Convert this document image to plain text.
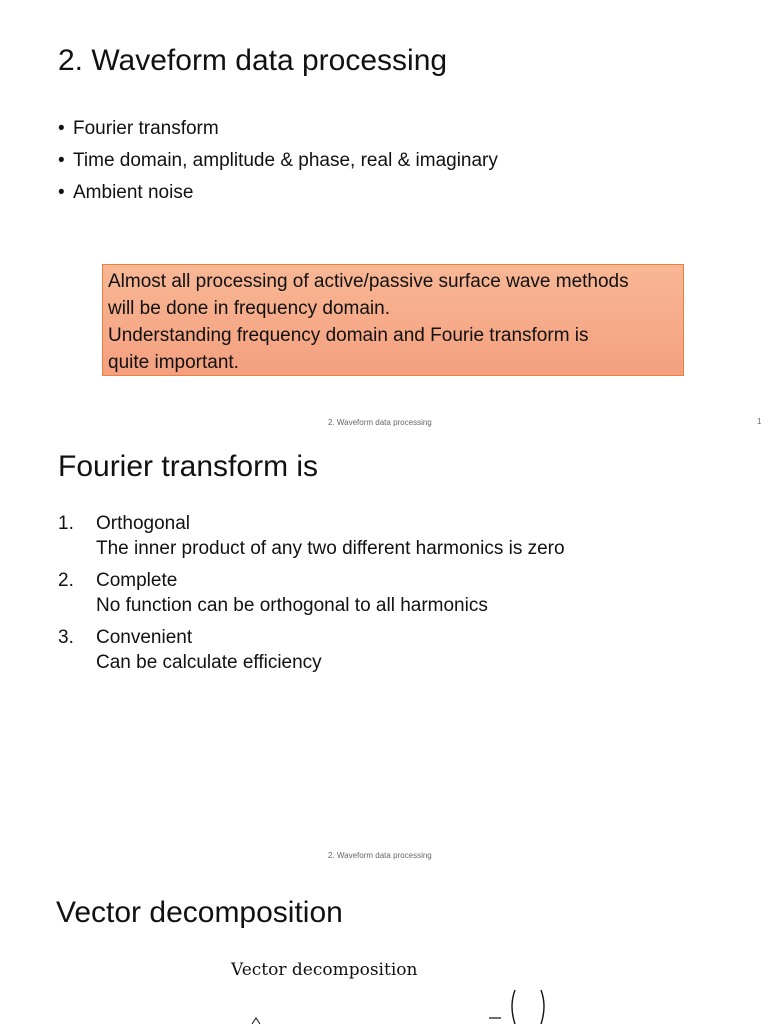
2. Waveform data processing
• Fourier transform
• Time domain, amplitude & phase, real & imaginary
• Ambient noise
Almost all processing of active/passive surface wave methods
will be done in frequency domain.
Understanding frequency domain and Fourie transform is
quite important.
2. Waveform data processing	1
Fourier transform is
1.	Orthogonal
The inner product of any two different harmonics is zero
2.	Complete
No function can be orthogonal to all harmonics
3.	Convenient
Can be calculate efficiency
2. Waveform data processing
Vector decomposition
Vector decomposition
